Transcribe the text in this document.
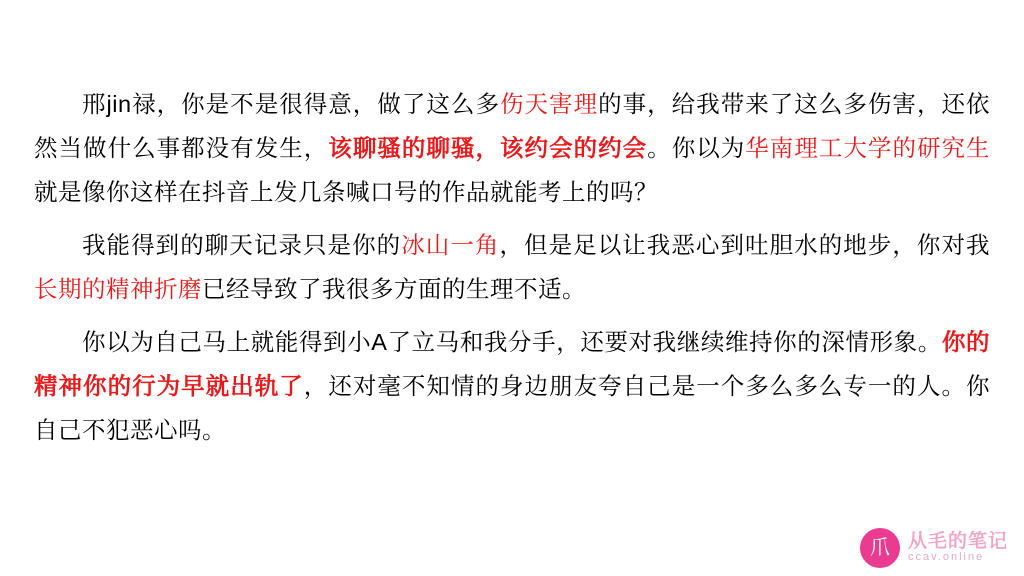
邢jin禄，你是不是很得意，做了这么多伤天害理的事，给我带来了这么多伤害，还依然当做什么事都没有发生，该聊骚的聊骚，该约会的约会。你以为华南理工大学的研究生就是像你这样在抖音上发几条喊口号的作品就能考上的吗？

我能得到的聊天记录只是你的冰山一角，但是足以让我恶心到吐胆水的地步，你对我长期的精神折磨已经导致了我很多方面的生理不适。

你以为自己马上就能得到小A了立马和我分手，还要对我继续维持你的深情形象。你的精神你的行为早就出轨了，还对毫不知情的身边朋友夸自己是一个多么多么专一的人。你自己不犯恶心吗。

爪 从毛的笔记
ccav.online
